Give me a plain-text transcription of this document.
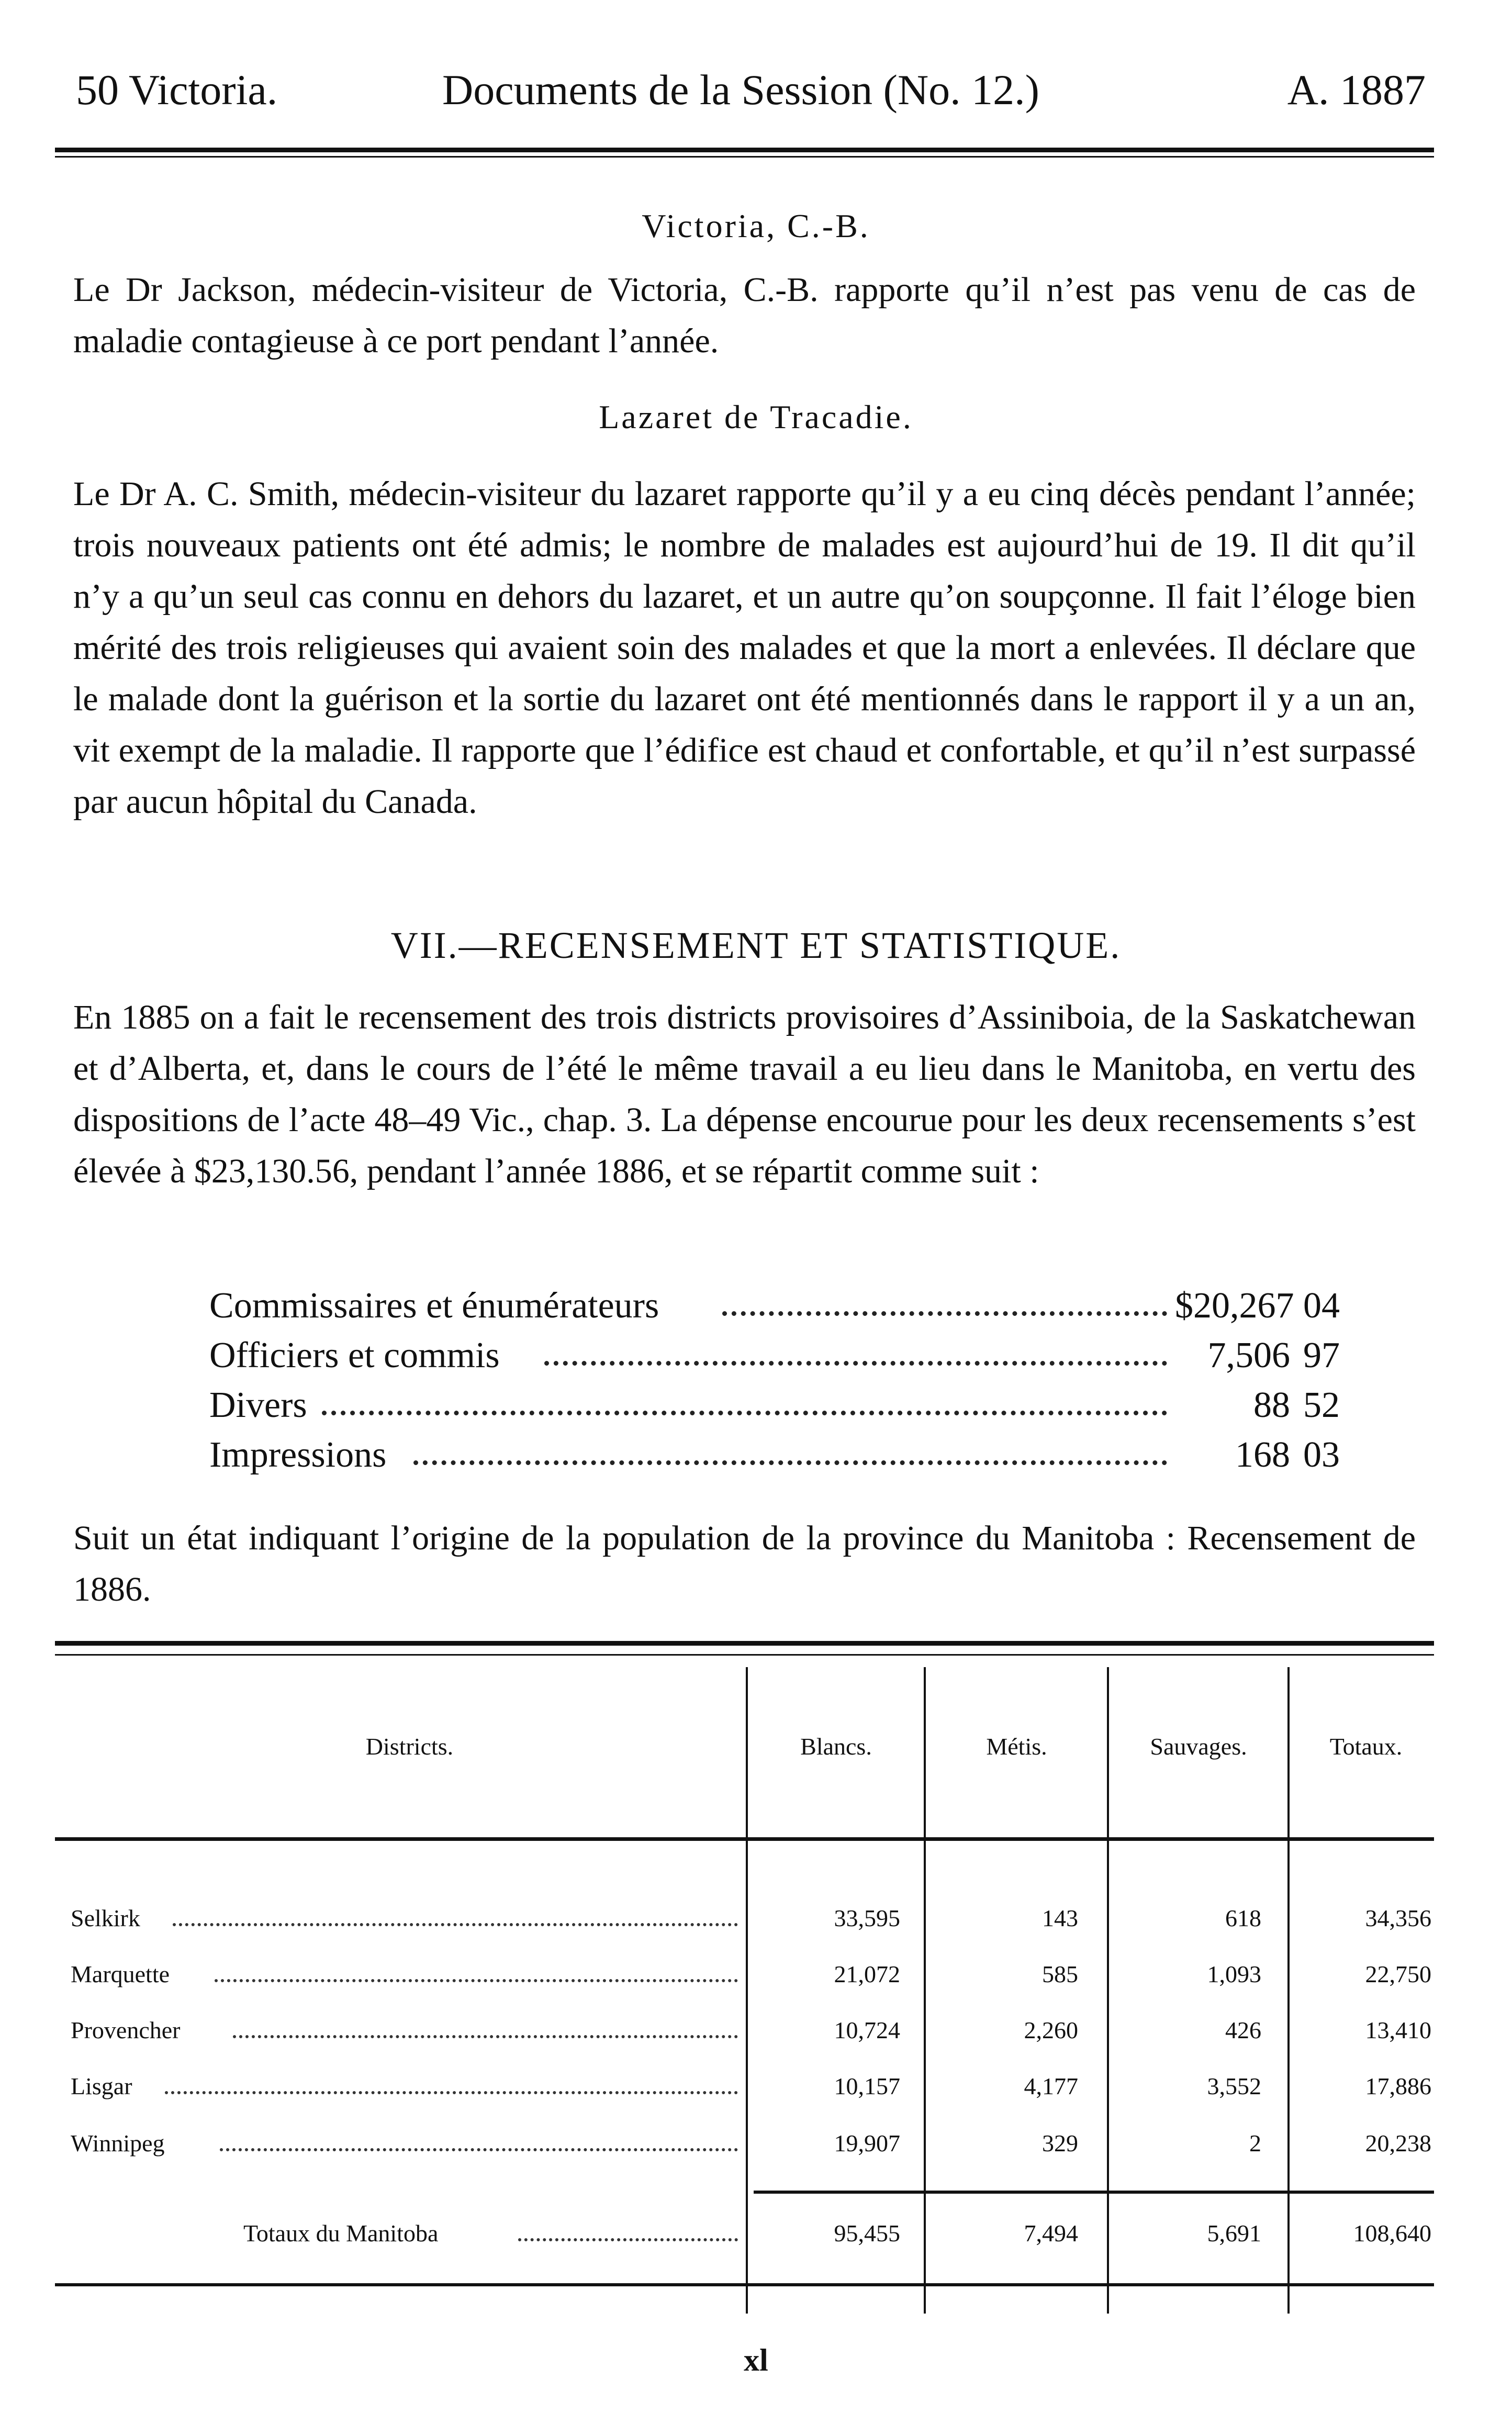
50 Victoria.	Documents de la Session (No. 12.)	A. 1887
Victoria, C.-B.
Le Dr Jackson, médecin-visiteur de Victoria, C.-B. rapporte qu’il n’est pas venu de cas de maladie contagieuse à ce port pendant l’année.
Lazaret de Tracadie.
Le Dr A. C. Smith, médecin-visiteur du lazaret rapporte qu’il y a eu cinq décès pendant l’année; trois nouveaux patients ont été admis; le nombre de malades est aujourd’hui de 19. Il dit qu’il n’y a qu’un seul cas connu en dehors du lazaret, et un autre qu’on soupçonne. Il fait l’éloge bien mérité des trois religieuses qui avaient soin des malades et que la mort a enlevées. Il déclare que le malade dont la guérison et la sortie du lazaret ont été mentionnés dans le rapport il y a un an, vit exempt de la maladie. Il rapporte que l’édifice est chaud et confortable, et qu’il n’est surpassé par aucun hôpital du Canada.
VII.—RECENSEMENT ET STATISTIQUE.
En 1885 on a fait le recensement des trois districts provisoires d’Assiniboia, de la Saskatchewan et d’Alberta, et, dans le cours de l’été le même travail a eu lieu dans le Manitoba, en vertu des dispositions de l’acte 48–49 Vic., chap. 3. La dépense encourue pour les deux recensements s’est élevée à $23,130.56, pendant l’année 1886, et se répartit comme suit :
Commissaires et énumérateurs	$20,267 04
Officiers et commis	7,506 97
Divers	88 52
Impressions	168 03
Suit un état indiquant l’origine de la population de la province du Manitoba : Recensement de 1886.
Districts.	Blancs.	Métis.	Sauvages.	Totaux.
Selkirk	33,595	143	618	34,356
Marquette	21,072	585	1,093	22,750
Provencher	10,724	2,260	426	13,410
Lisgar	10,157	4,177	3,552	17,886
Winnipeg	19,907	329	2	20,238
Totaux du Manitoba	95,455	7,494	5,691	108,640
xl
